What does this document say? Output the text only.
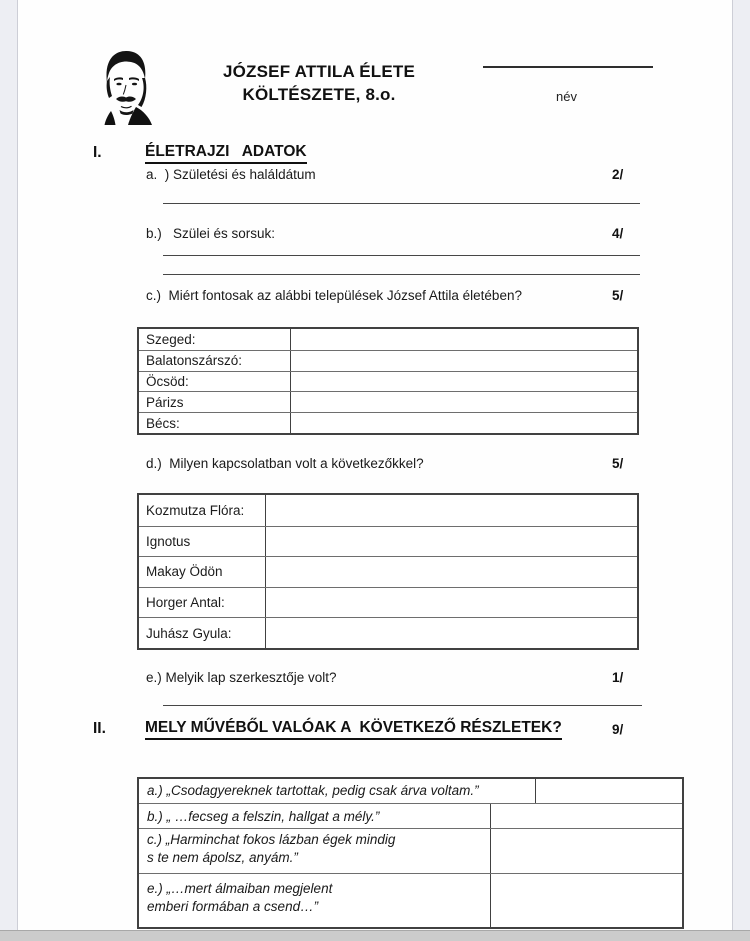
JÓZSEF ATTILA ÉLETE
KÖLTÉSZETE, 8.o.	név
I.	ÉLETRAJZI   ADATOK
a.  ) Születési és haláldátum	2/
b.)   Szülei és sorsuk:	4/
c.)  Miért fontosak az alábbi települések József Attila életében?	5/
Szeged:
Balatonszárszó:
Öcsöd:
Párizs
Bécs:
d.)  Milyen kapcsolatban volt a következőkkel?	5/
Kozmutza Flóra:
Ignotus
Makay Ödön
Horger Antal:
Juhász Gyula:
e.) Melyik lap szerkesztője volt?	1/
II.	MELY MŰVÉBŐL VALÓAK A  KÖVETKEZŐ RÉSZLETEK?	9/
a.) „Csodagyereknek tartottak, pedig csak árva voltam.”
b.) „ …fecseg a felszin, hallgat a mély.”
c.) „Harminchat fokos lázban égek mindig
s te nem ápolsz, anyám.”
e.) „…mert álmaiban megjelent
emberi formában a csend…”
